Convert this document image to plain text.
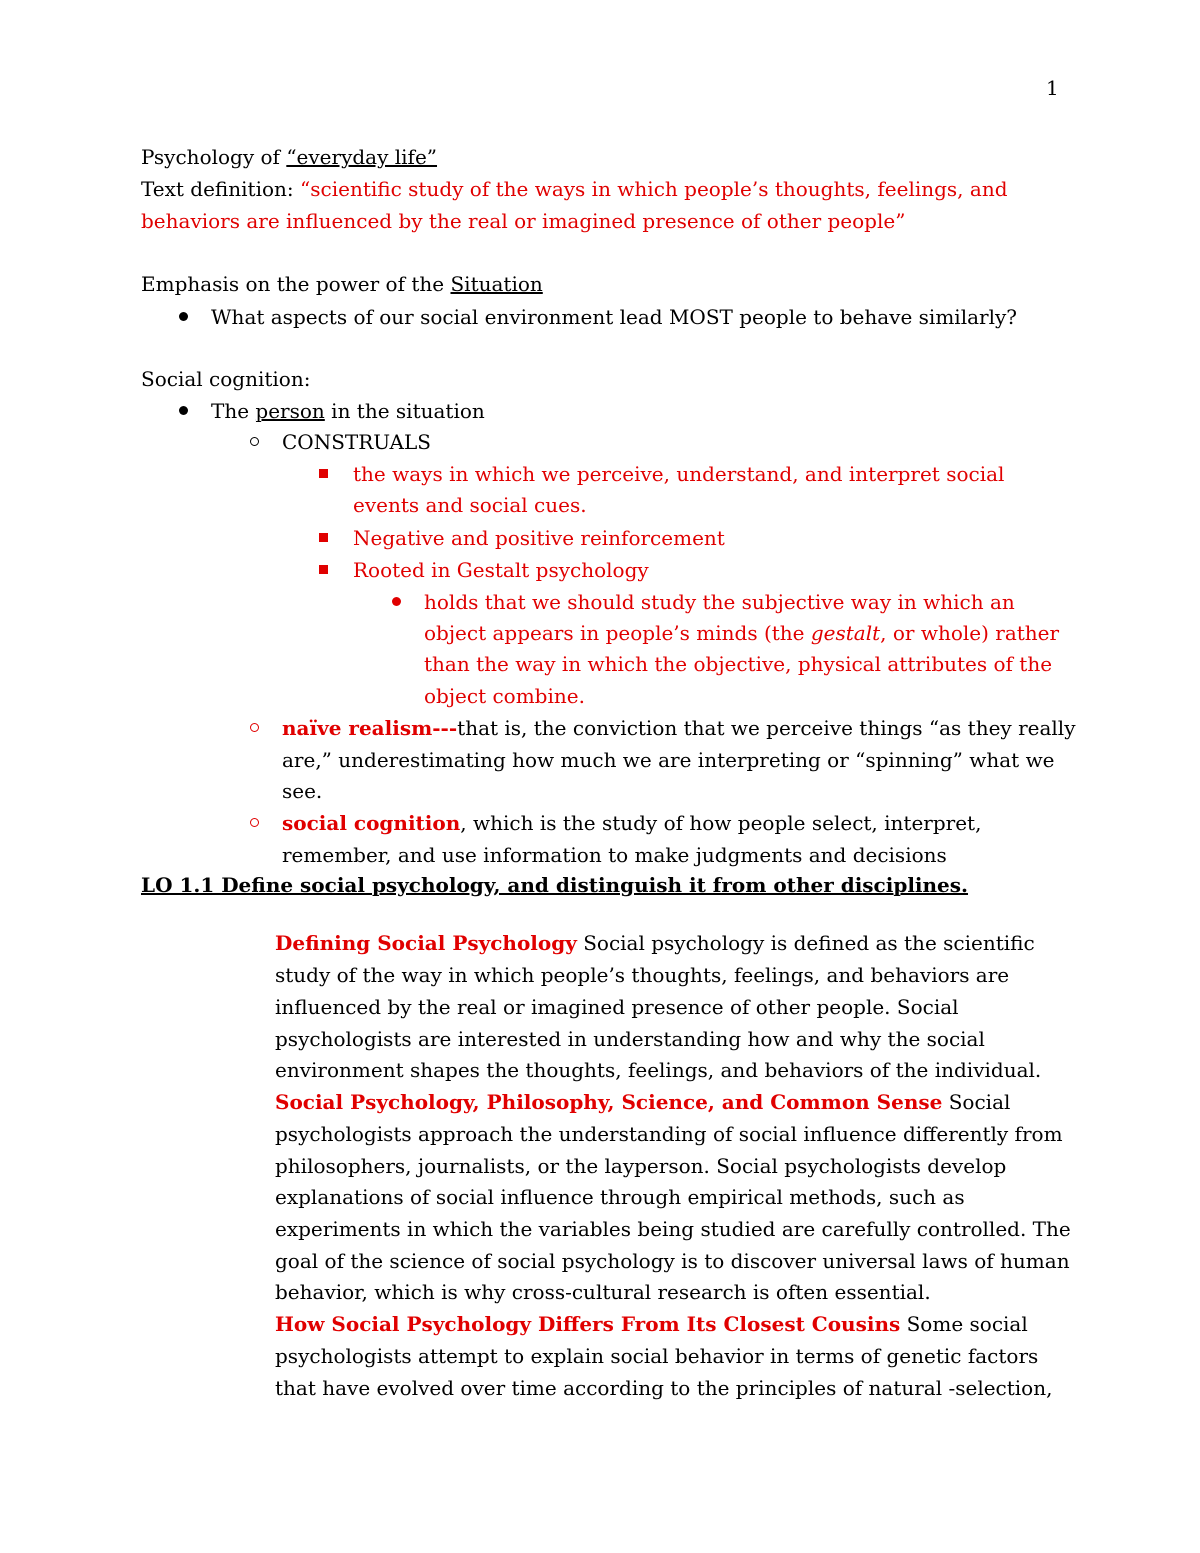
1
Psychology of “everyday life”
Text definition: “scientific study of the ways in which people’s thoughts, feelings, and
behaviors are influenced by the real or imagined presence of other people”
Emphasis on the power of the Situation
What aspects of our social environment lead MOST people to behave similarly?
Social cognition:
The person in the situation
CONSTRUALS
the ways in which we perceive, understand, and interpret social
events and social cues.
Negative and positive reinforcement
Rooted in Gestalt psychology
holds that we should study the subjective way in which an
object appears in people’s minds (the gestalt, or whole) rather
than the way in which the objective, physical attributes of the
object combine.
naïve realism---that is, the conviction that we perceive things “as they really
are,” underestimating how much we are interpreting or “spinning” what we
see.
social cognition, which is the study of how people select, interpret,
remember, and use information to make judgments and decisions
LO 1.1 Define social psychology, and distinguish it from other disciplines.
Defining Social Psychology Social psychology is defined as the scientific
study of the way in which people’s thoughts, feelings, and behaviors are
influenced by the real or imagined presence of other people. Social
psychologists are interested in understanding how and why the social
environment shapes the thoughts, feelings, and behaviors of the individual.
Social Psychology, Philosophy, Science, and Common Sense Social
psychologists approach the understanding of social influence differently from
philosophers, journalists, or the layperson. Social psychologists develop
explanations of social influence through empirical methods, such as
experiments in which the variables being studied are carefully controlled. The
goal of the science of social psychology is to discover universal laws of human
behavior, which is why cross-cultural research is often essential.
How Social Psychology Differs From Its Closest Cousins Some social
psychologists attempt to explain social behavior in terms of genetic factors
that have evolved over time according to the principles of natural -selection,
